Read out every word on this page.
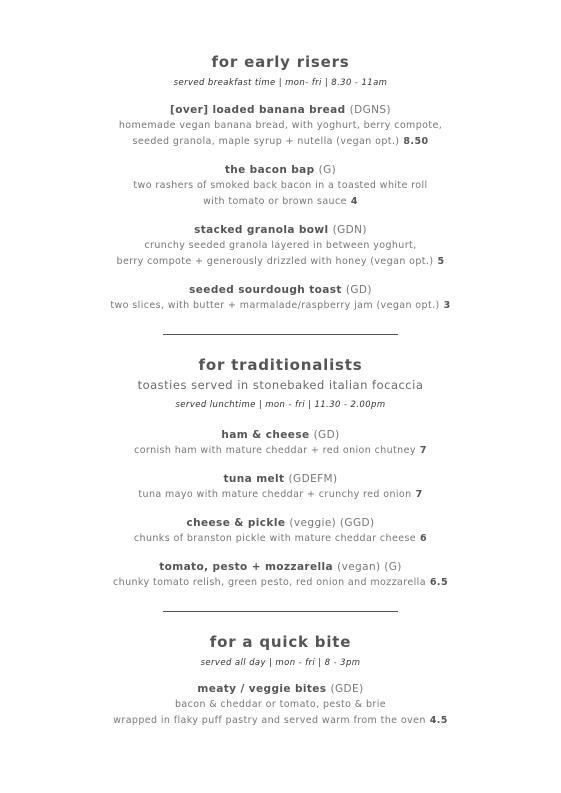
for early risers

served breakfast time | mon- fri | 8.30 - 11am

[over] loaded banana bread (DGNS)
homemade vegan banana bread, with yoghurt, berry compote,
seeded granola, maple syrup + nutella (vegan opt.) 8.50
the bacon bap (G)
two rashers of smoked back bacon in a toasted white roll
with tomato or brown sauce 4
stacked granola bowl (GDN)
crunchy seeded granola layered in between yoghurt,
berry compote + generously drizzled with honey (vegan opt.) 5
seeded sourdough toast (GD)
two slices, with butter + marmalade/raspberry jam (vegan opt.) 3
for traditionalists

toasties served in stonebaked italian focaccia

served lunchtime | mon - fri | 11.30 - 2.00pm

ham & cheese (GD)
cornish ham with mature cheddar + red onion chutney 7
tuna melt (GDEFM)
tuna mayo with mature cheddar + crunchy red onion 7
cheese & pickle (veggie) (GGD)
chunks of branston pickle with mature cheddar cheese 6
tomato, pesto + mozzarella (vegan) (G)
chunky tomato relish, green pesto, red onion and mozzarella 6.5
for a quick bite

served all day | mon - fri | 8 - 3pm

meaty / veggie bites (GDE)
bacon & cheddar or tomato, pesto & brie
wrapped in flaky puff pastry and served warm from the oven 4.5
